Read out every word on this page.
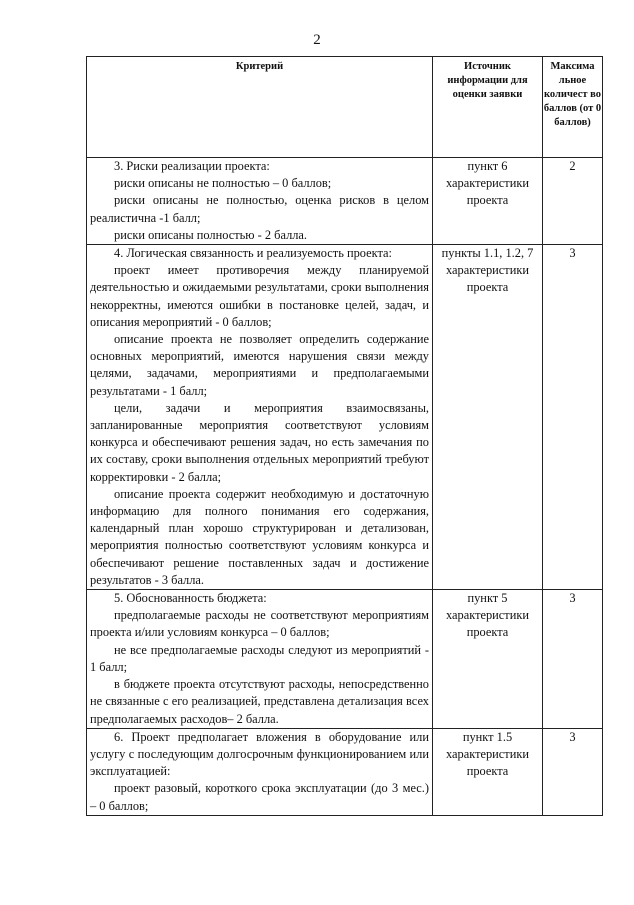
2
Критерий	Источник информации для оценки заявки	Максима льное количест во баллов (от 0 баллов)

3. Риски реализации проекта:

риски описаны не полностью – 0 баллов;

риски описаны не полностью, оценка рисков в целом реалистична -1 балл;

риски описаны полностью - 2 балла.	пункт 6 характеристики проекта	2

4. Логическая связанность и реализуемость проекта:

проект имеет противоречия между планируемой деятельностью и ожидаемыми результатами, сроки выполнения некорректны, имеются ошибки в постановке целей, задач, и описания мероприятий - 0 баллов;

описание проекта не позволяет определить содержание основных мероприятий, имеются нарушения связи между целями, задачами, мероприятиями и предполагаемыми результатами - 1 балл;

цели, задачи и мероприятия взаимосвязаны, запланированные мероприятия соответствуют условиям конкурса и обеспечивают решения задач, но есть замечания по их составу, сроки выполнения отдельных мероприятий требуют корректировки - 2 балла;

описание проекта содержит необходимую и достаточную информацию для полного понимания его содержания, календарный план хорошо структурирован и детализован, мероприятия полностью соответствуют условиям конкурса и обеспечивают решение поставленных задач и достижение результатов - 3 балла.	пункты 1.1, 1.2, 7 характеристики проекта	3

5. Обоснованность бюджета:

предполагаемые расходы не соответствуют мероприятиям проекта и/или условиям конкурса – 0 баллов;

не все предполагаемые расходы следуют из мероприятий - 1 балл;

в бюджете проекта отсутствуют расходы, непосредственно не связанные с его реализацией, представлена детализация всех предполагаемых расходов– 2 балла.	пункт 5 характеристики проекта	3

6. Проект предполагает вложения в оборудование или услугу с последующим долгосрочным функционированием или эксплуатацией:

проект разовый, короткого срока эксплуатации (до 3 мес.) – 0 баллов;	пункт 1.5 характеристики проекта	3
